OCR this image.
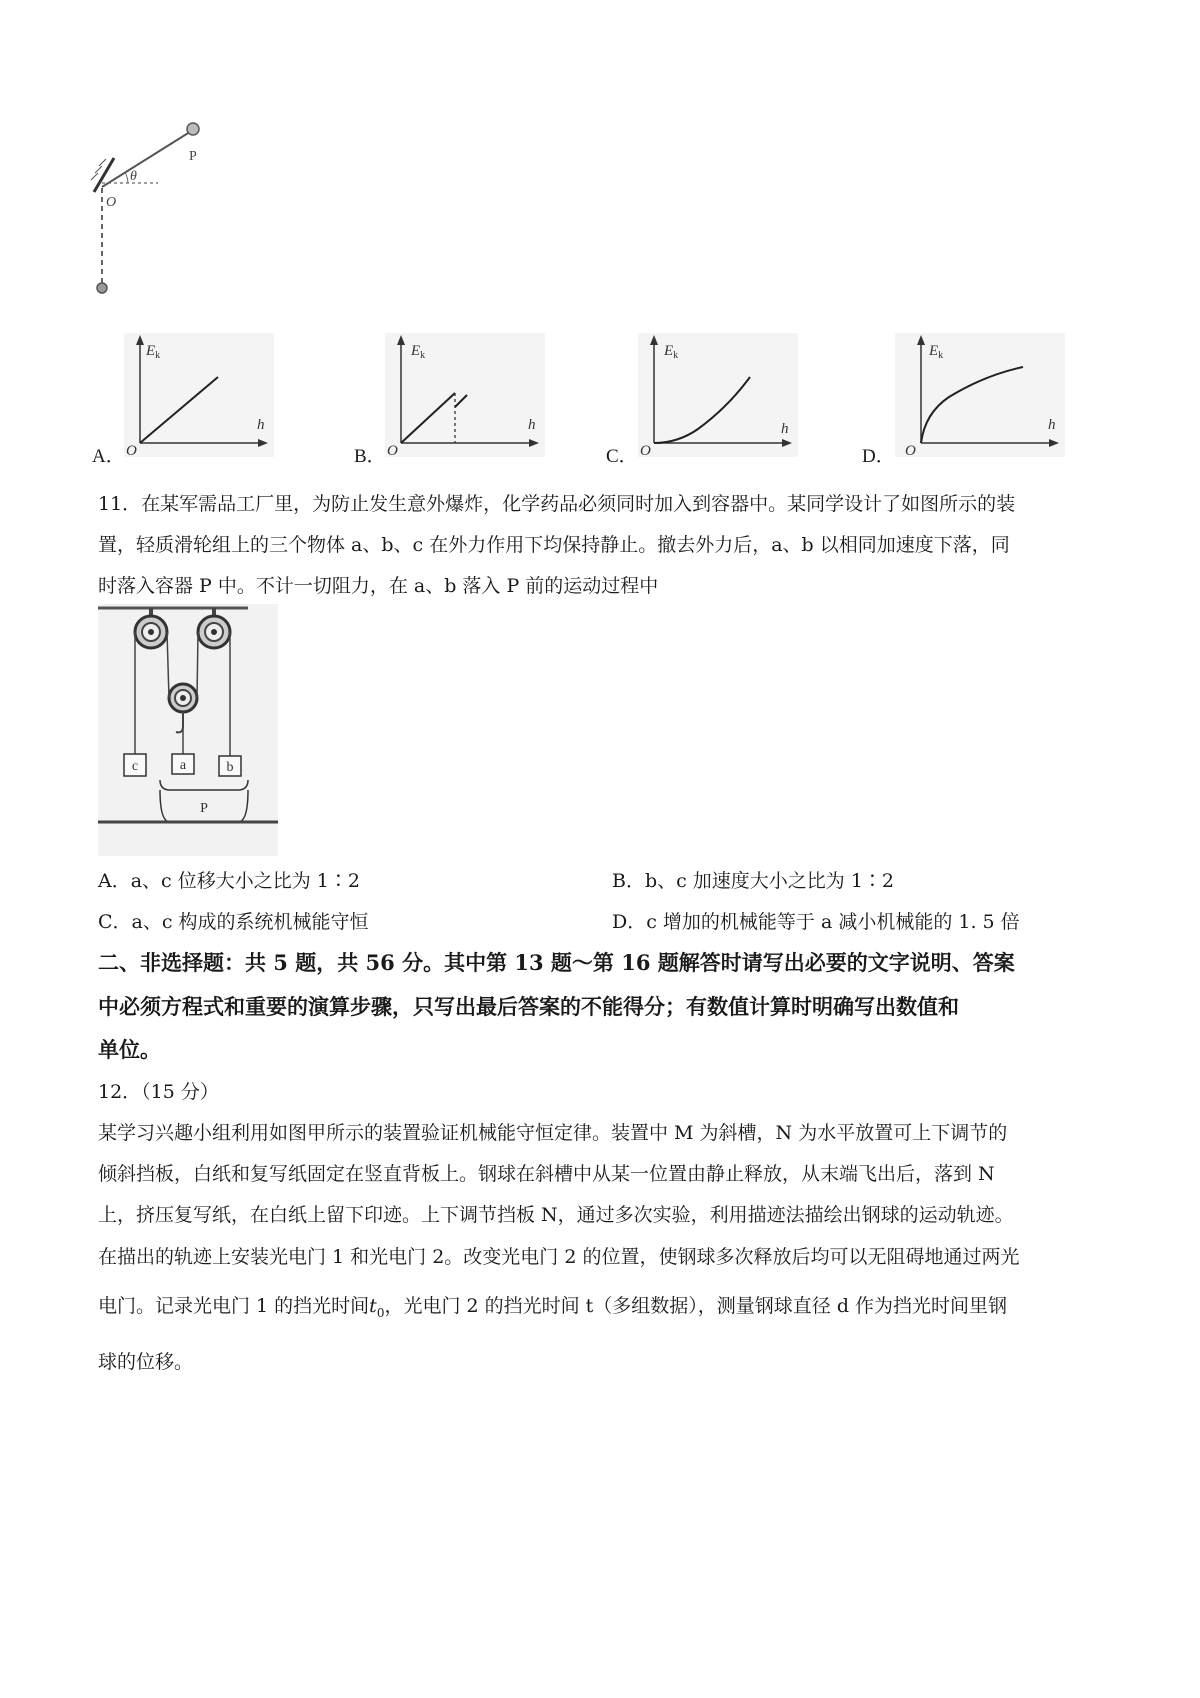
P
θ
O
A．
$E_k$
O
h
B．
$E_k$
O
h
C．
$E_k$
O
h
D．
$E_k$
O
h
11．在某军需品工厂里，为防止发生意外爆炸，化学药品必须同时加入到容器中。某同学设计了如图所示的装
置，轻质滑轮组上的三个物体 a、b、c 在外力作用下均保持静止。撤去外力后，a、b 以相同加速度下落，同
时落入容器 P 中。不计一切阻力，在 a、b 落入 P 前的运动过程中
a	b
c
P
A．a、c 位移大小之比为 1∶2	B．b、c 加速度大小之比为 1∶2
C．a、c 构成的系统机械能守恒	D．c 增加的机械能等于 a 减小机械能的 1. 5 倍
二、非选择题：共 5 题，共 56 分。其中第 13 题～第 16 题解答时请写出必要的文字说明、答案
中必须方程式和重要的演算步骤，只写出最后答案的不能得分；有数值计算时明确写出数值和
单位。
12．（15 分）
某学习兴趣小组利用如图甲所示的装置验证机械能守恒定律。装置中 M 为斜槽，N 为水平放置可上下调节的
倾斜挡板，白纸和复写纸固定在竖直背板上。钢球在斜槽中从某一位置由静止释放，从末端飞出后，落到 N
上，挤压复写纸，在白纸上留下印迹。上下调节挡板 N，通过多次实验，利用描迹法描绘出钢球的运动轨迹。
在描出的轨迹上安装光电门 1 和光电门 2。改变光电门 2 的位置，使钢球多次释放后均可以无阻碍地通过两光
电门。记录光电门 1 的挡光时间$t_0$，光电门 2 的挡光时间 t（多组数据），测量钢球直径 d 作为挡光时间里钢
球的位移。
